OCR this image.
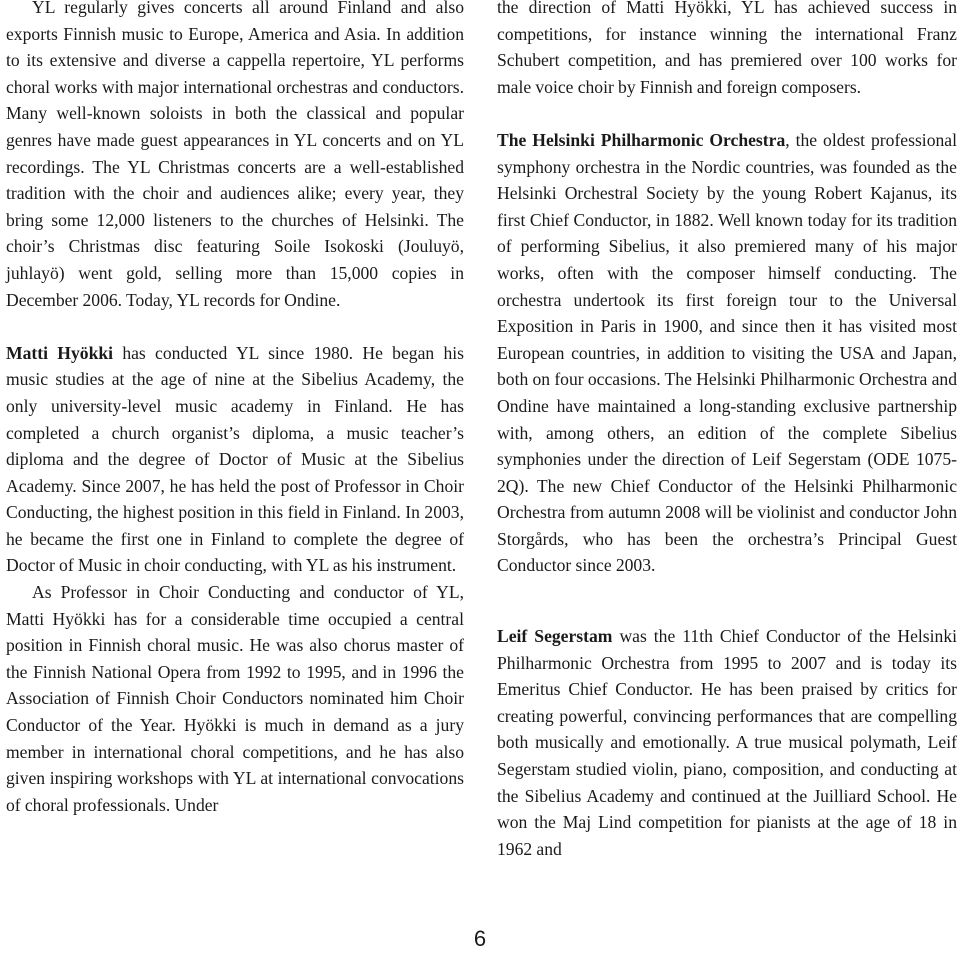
YL regularly gives concerts all around Finland and also exports Finnish music to Europe, America and Asia. In addition to its extensive and diverse a cappella repertoire, YL performs choral works with major international orchestras and conductors. Many well-known soloists in both the classical and popular genres have made guest appearances in YL concerts and on YL recordings. The YL Christmas concerts are a well-established tradition with the choir and audiences alike; every year, they bring some 12,000 listeners to the churches of Helsinki. The choir’s Christmas disc featuring Soile Isokoski (Jouluyö, juhlayö) went gold, selling more than 15,000 copies in December 2006. Today, YL records for Ondine.

Matti Hyökki has conducted YL since 1980. He began his music studies at the age of nine at the Sibelius Academy, the only university-level music academy in Finland. He has completed a church organist’s diploma, a music teacher’s diploma and the degree of Doctor of Music at the Sibelius Academy. Since 2007, he has held the post of Professor in Choir Conducting, the highest position in this field in Finland. In 2003, he became the first one in Finland to complete the degree of Doctor of Music in choir conducting, with YL as his instrument.

As Professor in Choir Conducting and conductor of YL, Matti Hyökki has for a considerable time occupied a central position in Finnish choral music. He was also chorus master of the Finnish National Opera from 1992 to 1995, and in 1996 the Association of Finnish Choir Conductors nominated him Choir Conductor of the Year. Hyökki is much in demand as a jury member in international choral competitions, and he has also given inspiring workshops with YL at international convocations of choral professionals. Under

the direction of Matti Hyökki, YL has achieved success in competitions, for instance winning the international Franz Schubert competition, and has premiered over 100 works for male voice choir by Finnish and foreign composers.

The Helsinki Philharmonic Orchestra, the oldest professional symphony orchestra in the Nordic countries, was founded as the Helsinki Orchestral Society by the young Robert Kajanus, its first Chief Conductor, in 1882. Well known today for its tradition of performing Sibelius, it also premiered many of his major works, often with the composer himself conducting. The orchestra undertook its first foreign tour to the Universal Exposition in Paris in 1900, and since then it has visited most European countries, in addition to visiting the USA and Japan, both on four occasions. The Helsinki Philharmonic Orchestra and Ondine have maintained a long-standing exclusive partnership with, among others, an edition of the complete Sibelius symphonies under the direction of Leif Segerstam (ODE 1075-2Q). The new Chief Conductor of the Helsinki Philharmonic Orchestra from autumn 2008 will be violinist and conductor John Storgårds, who has been the orchestra’s Principal Guest Conductor since 2003.

Leif Segerstam was the 11th Chief Conductor of the Helsinki Philharmonic Orchestra from 1995 to 2007 and is today its Emeritus Chief Conductor. He has been praised by critics for creating powerful, convincing performances that are compelling both musically and emotionally. A true musical polymath, Leif Segerstam studied violin, piano, composition, and conducting at the Sibelius Academy and continued at the Juilliard School. He won the Maj Lind competition for pianists at the age of 18 in 1962 and

6
